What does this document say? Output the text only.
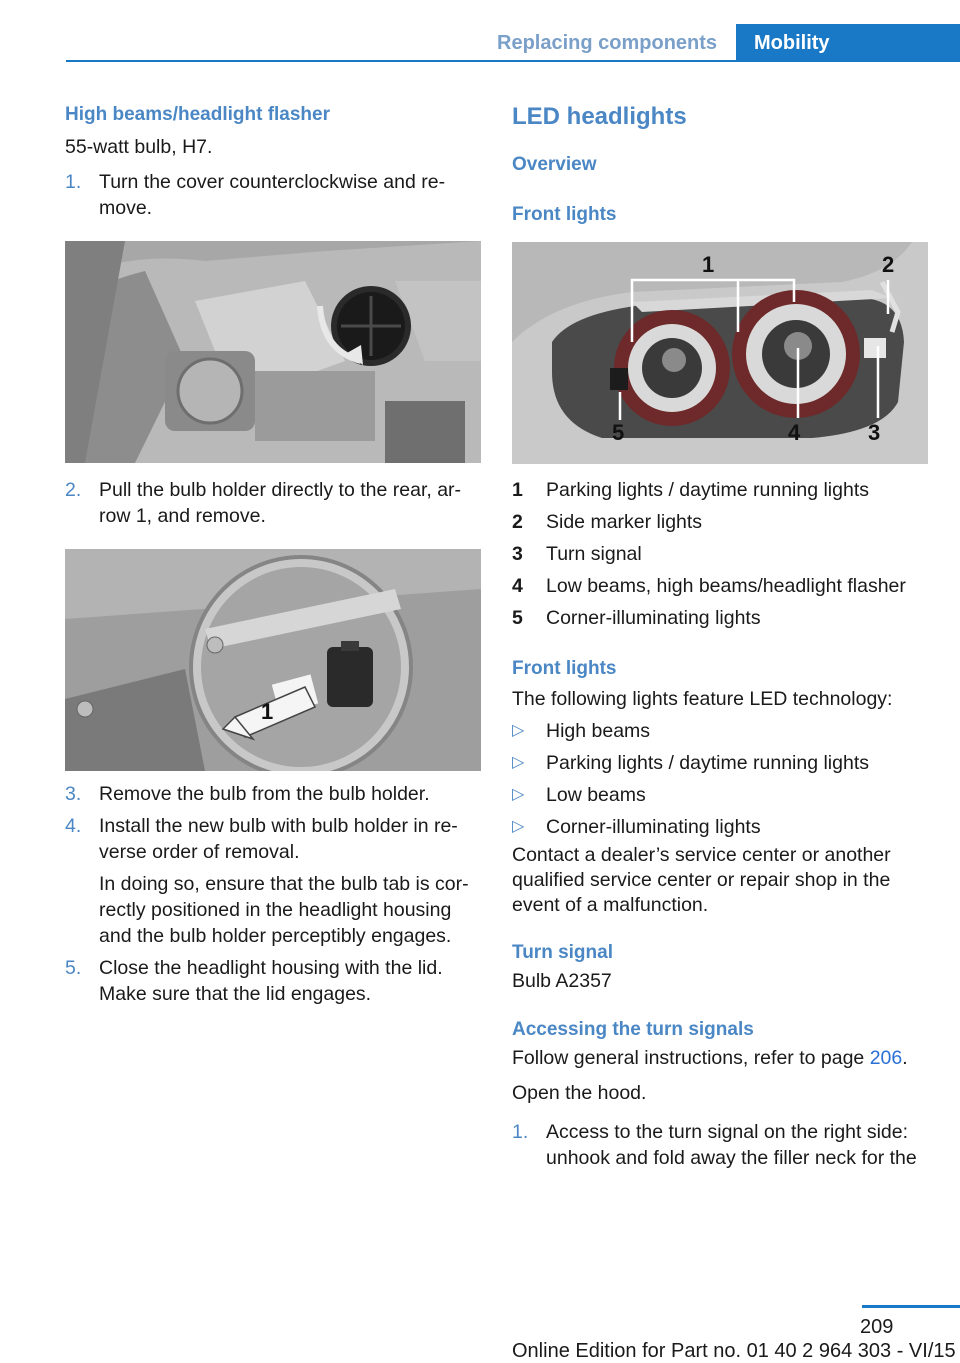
Replacing components Mobility
High beams/headlight flasher
55-watt bulb, H7.
1. Turn the cover counterclockwise and re-move.
2. Pull the bulb holder directly to the rear, ar-row 1, and remove.
1
3. Remove the bulb from the bulb holder.
4. Install the new bulb with bulb holder in re-verse order of removal.

In doing so, ensure that the bulb tab is cor-rectly positioned in the headlight housing and the bulb holder perceptibly engages.

5. Close the headlight housing with the lid. Make sure that the lid engages.
LED headlights
Overview
Front lights
1	2
5	4	3
1	Parking lights / daytime running lights
2	Side marker lights
3	Turn signal
4	Low beams, high beams/headlight flasher
5	Corner-illuminating lights
Front lights
The following lights feature LED technology:
▷	High beams
▷	Parking lights / daytime running lights
▷	Low beams
▷	Corner-illuminating lights
Contact a dealer’s service center or another qualified service center or repair shop in the event of a malfunction.
Turn signal
Bulb A2357
Accessing the turn signals
Follow general instructions, refer to page 206.
Open the hood.
1. Access to the turn signal on the right side: unhook and fold away the filler neck for the
209
Online Edition for Part no. 01 40 2 964 303 - VI/15
